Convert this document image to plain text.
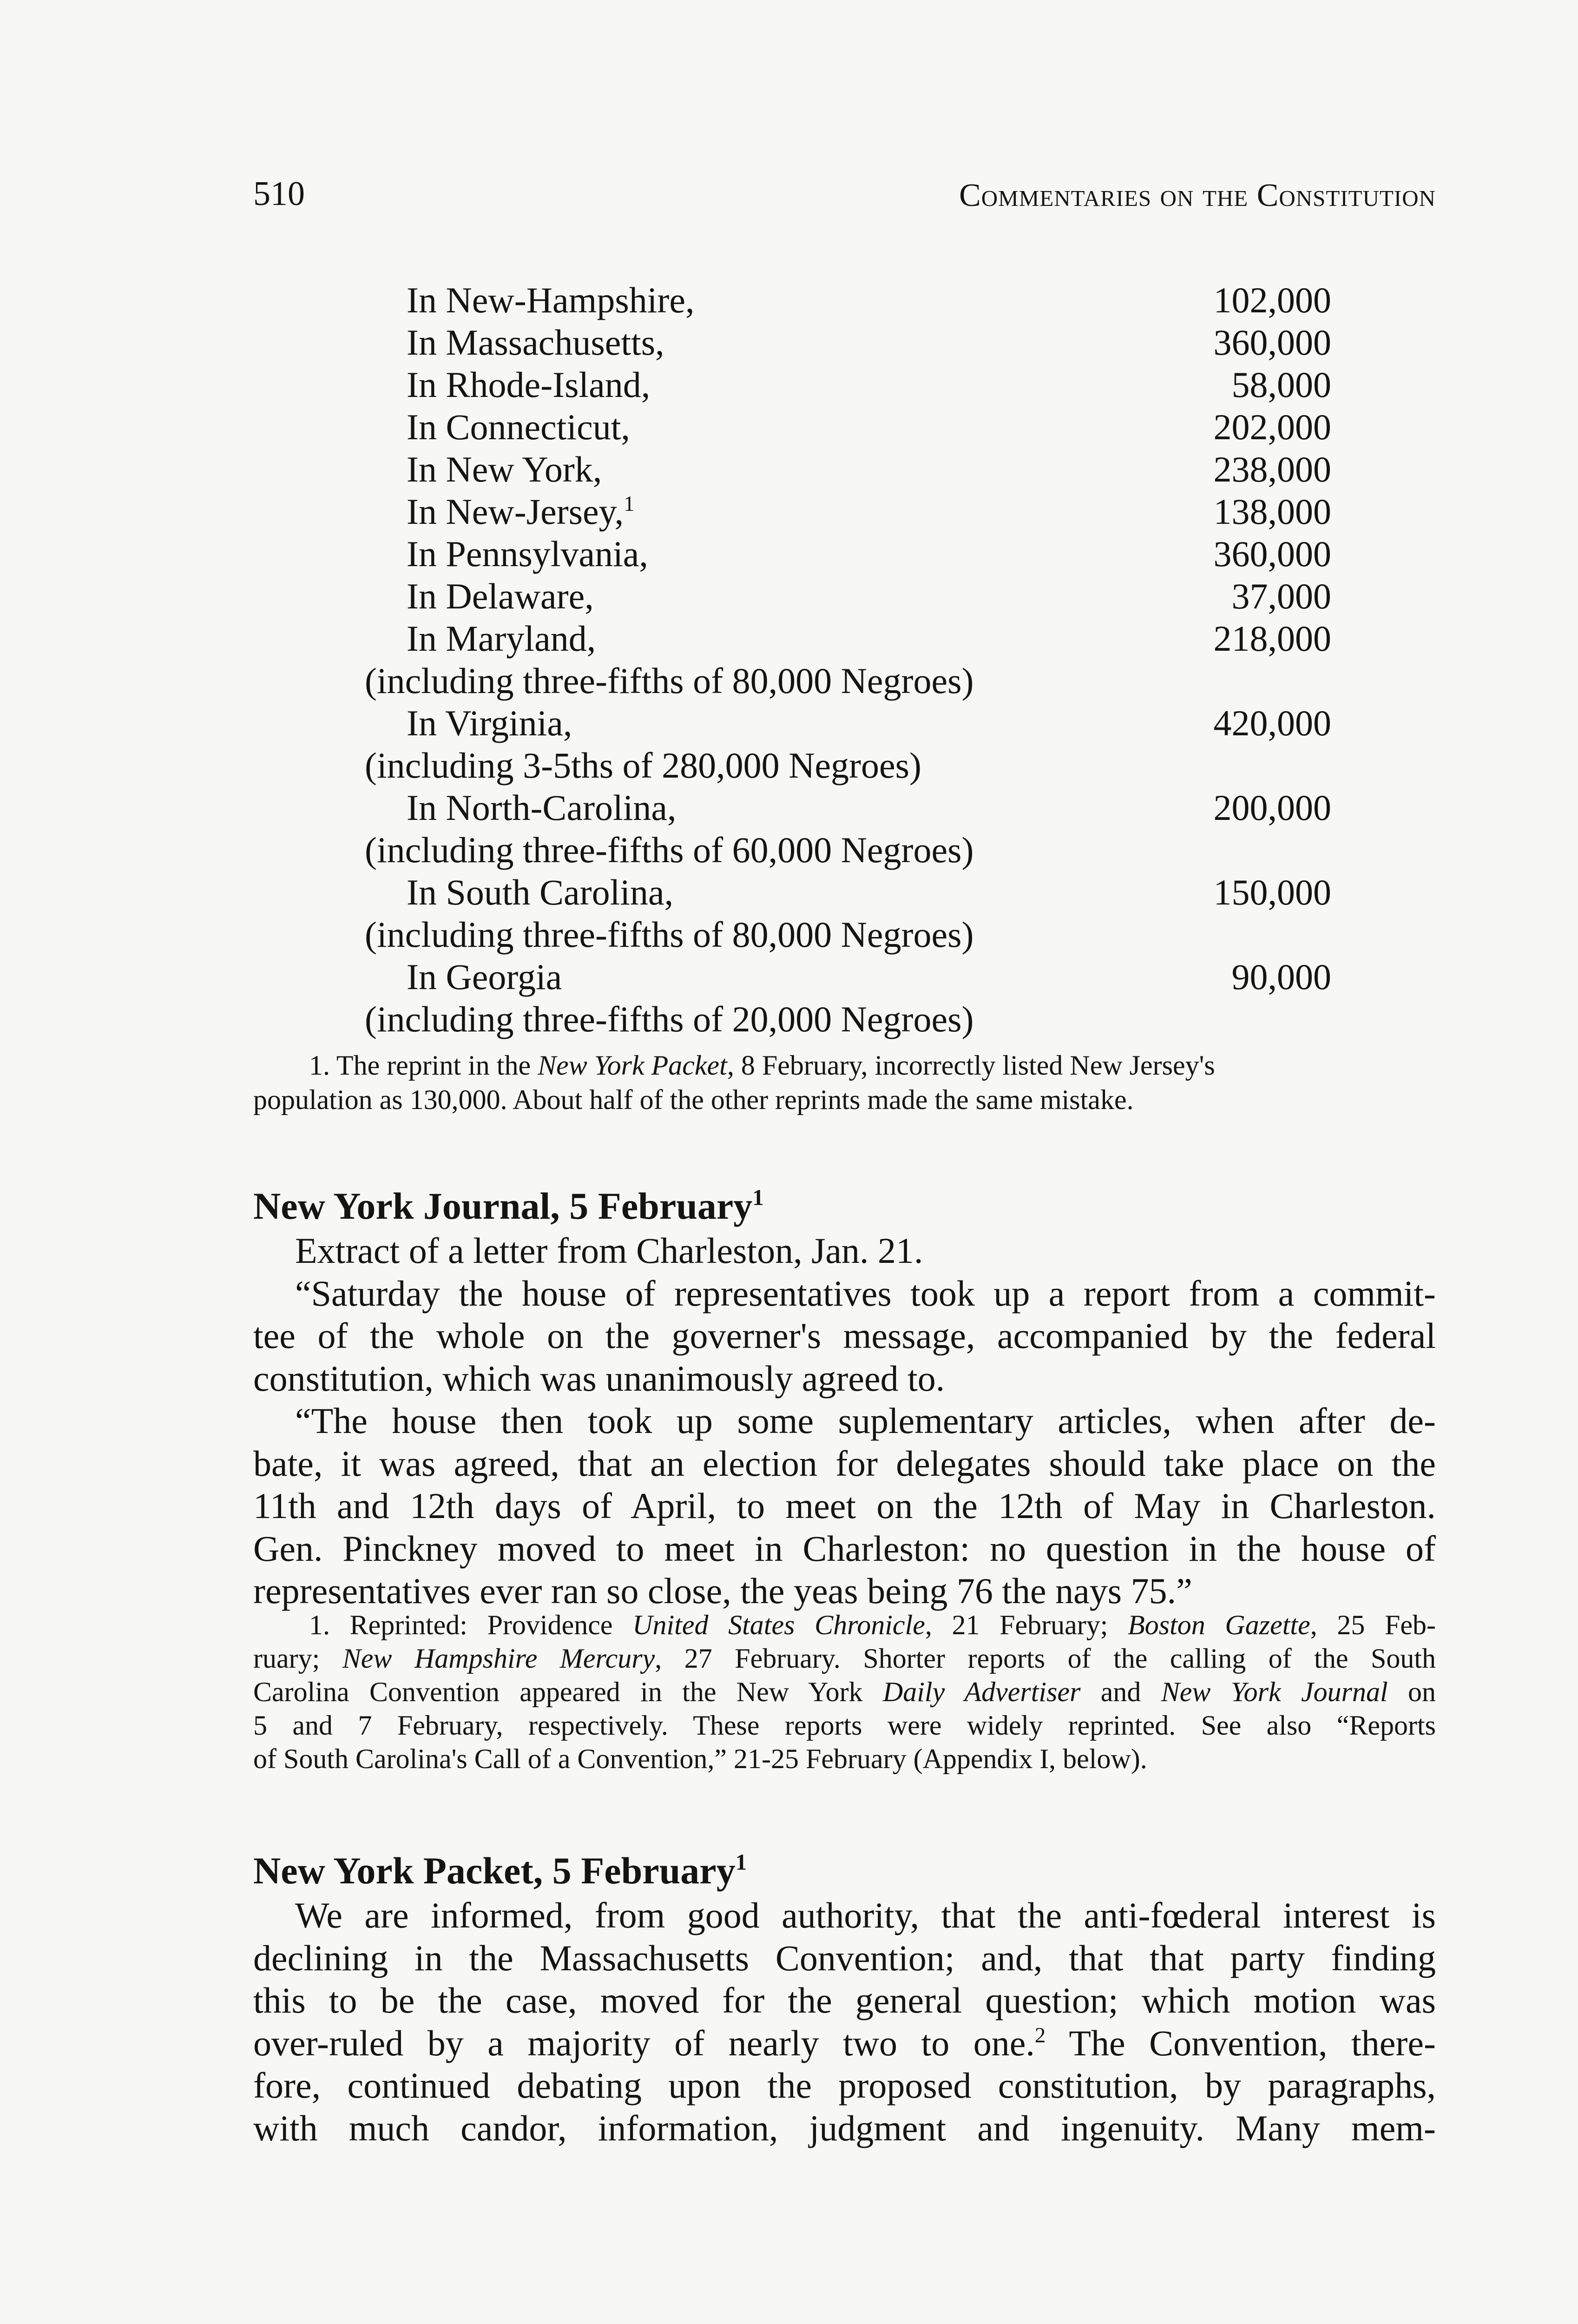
510	Commentaries on the Constitution
In New-Hampshire,	102,000
In Massachusetts,	360,000
In Rhode-Island,	58,000
In Connecticut,	202,000
In New York,	238,000
In New-Jersey,$^1$	138,000
In Pennsylvania,	360,000
In Delaware,	37,000
In Maryland,	218,000
(including three-fifths of 80,000 Negroes)
In Virginia,	420,000
(including 3-5ths of 280,000 Negroes)
In North-Carolina,	200,000
(including three-fifths of 60,000 Negroes)
In South Carolina,	150,000
(including three-fifths of 80,000 Negroes)
In Georgia	90,000
(including three-fifths of 20,000 Negroes)
1. The reprint in the New York Packet, 8 February, incorrectly listed New Jersey's
population as 130,000. About half of the other reprints made the same mistake.
New York Journal, 5 February$^1$
Extract of a letter from Charleston, Jan. 21.
“Saturday the house of representatives took up a report from a commit-
tee of the whole on the governer's message, accompanied by the federal
constitution, which was unanimously agreed to.
“The house then took up some suplementary articles, when after de-
bate, it was agreed, that an election for delegates should take place on the
11th and 12th days of April, to meet on the 12th of May in Charleston.
Gen. Pinckney moved to meet in Charleston: no question in the house of
representatives ever ran so close, the yeas being 76 the nays 75.”
1. Reprinted: Providence United States Chronicle, 21 February; Boston Gazette, 25 Feb-
ruary; New Hampshire Mercury, 27 February. Shorter reports of the calling of the South
Carolina Convention appeared in the New York Daily Advertiser and New York Journal on
5 and 7 February, respectively. These reports were widely reprinted. See also “Reports
of South Carolina's Call of a Convention,” 21-25 February (Appendix I, below).
New York Packet, 5 February$^1$
We are informed, from good authority, that the anti-fœderal interest is
declining in the Massachusetts Convention; and, that that party finding
this to be the case, moved for the general question; which motion was
over-ruled by a majority of nearly two to one.$^2$ The Convention, there-
fore, continued debating upon the proposed constitution, by paragraphs,
with much candor, information, judgment and ingenuity. Many mem-
